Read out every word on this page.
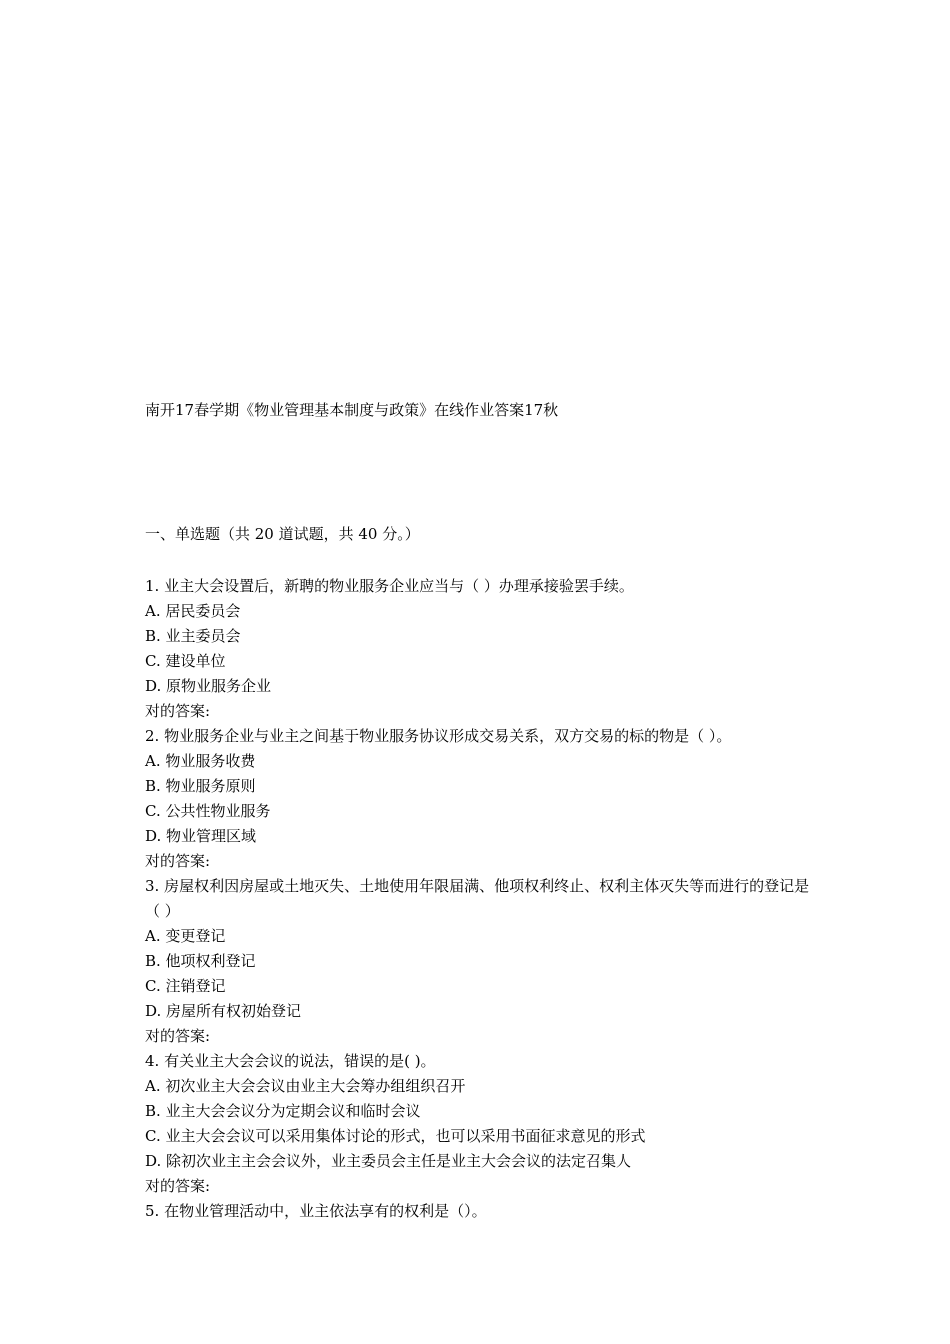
南开17春学期《物业管理基本制度与政策》在线作业答案17秋
一、单选题（共 20 道试题，共 40 分。）
1. 业主大会设置后，新聘的物业服务企业应当与（ ）办理承接验罢手续。
A. 居民委员会
B. 业主委员会
C. 建设单位
D. 原物业服务企业
对的答案:
2. 物业服务企业与业主之间基于物业服务协议形成交易关系，双方交易的标的物是（ ）。
A. 物业服务收费
B. 物业服务原则
C. 公共性物业服务
D. 物业管理区域
对的答案:
3. 房屋权利因房屋或土地灭失、土地使用年限届满、他项权利终止、权利主体灭失等而进行的登记是（ ）
A. 变更登记
B. 他项权利登记
C. 注销登记
D. 房屋所有权初始登记
对的答案:
4. 有关业主大会会议的说法，错误的是( )。
A. 初次业主大会会议由业主大会筹办组组织召开
B. 业主大会会议分为定期会议和临时会议
C. 业主大会会议可以采用集体讨论的形式，也可以采用书面征求意见的形式
D. 除初次业主主会会议外，业主委员会主任是业主大会会议的法定召集人
对的答案:
5. 在物业管理活动中，业主依法享有的权利是（）。
